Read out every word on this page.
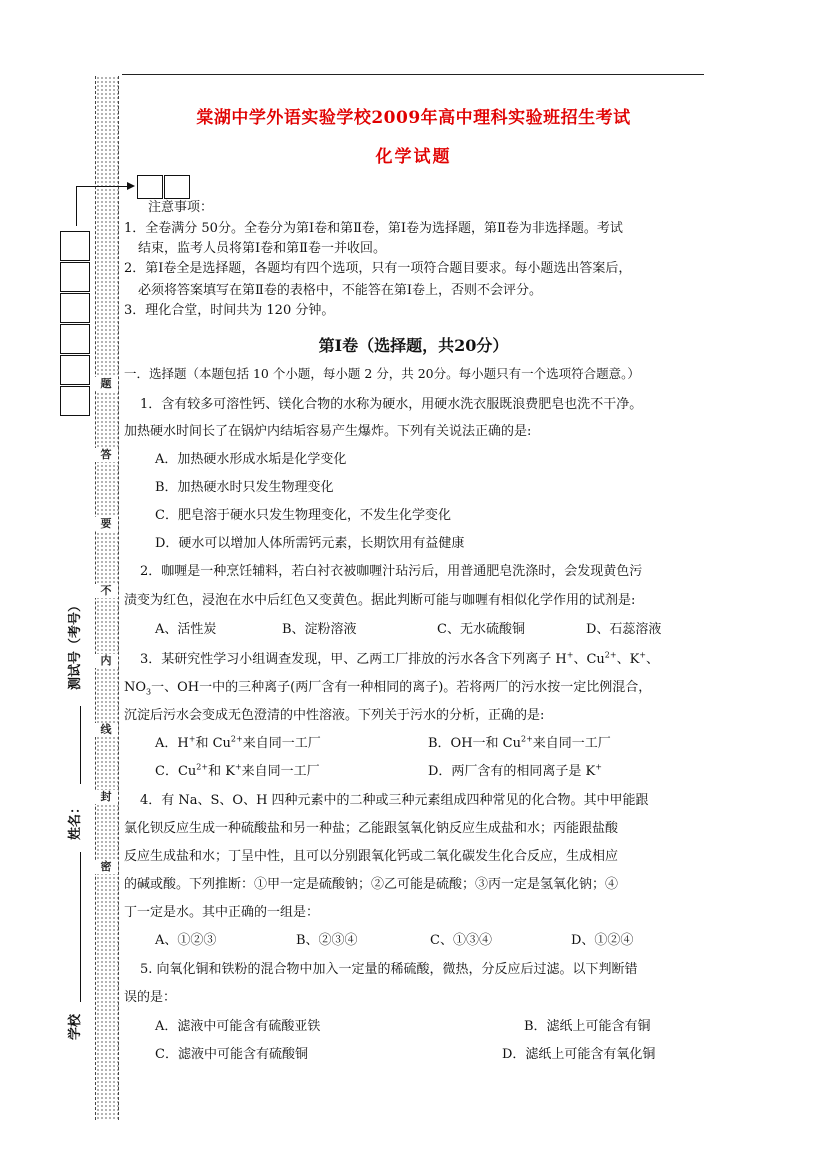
题
答
要
不
内
线
封
密
测试号（考号）
姓名：
学校
棠湖中学外语实验学校2009年高中理科实验班招生考试
化学试题
注意事项：
1．全卷满分 50分。全卷分为第Ⅰ卷和第Ⅱ卷，第Ⅰ卷为选择题，第Ⅱ卷为非选择题。考试
结束，监考人员将第Ⅰ卷和第Ⅱ卷一并收回。
2．第Ⅰ卷全是选择题，各题均有四个选项，只有一项符合题目要求。每小题选出答案后，
必须将答案填写在第Ⅱ卷的表格中，不能答在第Ⅰ卷上，否则不会评分。
3．理化合堂，时间共为 120 分钟。
第Ⅰ卷（选择题，共20分）
一．选择题（本题包括 10 个小题，每小题 2 分，共 20分。每小题只有一个选项符合题意。）
1．含有较多可溶性钙、镁化合物的水称为硬水，用硬水洗衣服既浪费肥皂也洗不干净。
加热硬水时间长了在锅炉内结垢容易产生爆炸。下列有关说法正确的是:
A．加热硬水形成水垢是化学变化
B．加热硬水时只发生物理变化
C．肥皂溶于硬水只发生物理变化，不发生化学变化
D．硬水可以增加人体所需钙元素，长期饮用有益健康
2．咖喱是一种烹饪辅料，若白衬衣被咖喱汁玷污后，用普通肥皂洗涤时，会发现黄色污
渍变为红色，浸泡在水中后红色又变黄色。据此判断可能与咖喱有相似化学作用的试剂是:
A、活性炭	B、淀粉溶液	C、无水硫酸铜	D、石蕊溶液
3．某研究性学习小组调查发现，甲、乙两工厂排放的污水各含下列离子 H+、$Cu^{2+}$、K+、
$NO_3$一、OH一中的三种离子(两厂含有一种相同的离子)。若将两厂的污水按一定比例混合，
沉淀后污水会变成无色澄清的中性溶液。下列关于污水的分析，正确的是:
A．H+和 $Cu^{2+}$来自同一工厂	B．OH一和 $Cu^{2+}$来自同一工厂
C．$Cu^{2+}$和 K+来自同一工厂	D．两厂含有的相同离子是 K+
4．有 Na、S、O、H 四种元素中的二种或三种元素组成四种常见的化合物。其中甲能跟
氯化钡反应生成一种硫酸盐和另一种盐；乙能跟氢氧化钠反应生成盐和水；丙能跟盐酸
反应生成盐和水；丁呈中性，且可以分别跟氧化钙或二氧化碳发生化合反应，生成相应
的碱或酸。下列推断：①甲一定是硫酸钠；②乙可能是硫酸；③丙一定是氢氧化钠；④
丁一定是水。其中正确的一组是：
A、①②③	B、②③④	C、①③④	D、①②④
5. 向氧化铜和铁粉的混合物中加入一定量的稀硫酸，微热，分反应后过滤。以下判断错
误的是：
A．滤液中可能含有硫酸亚铁	B．滤纸上可能含有铜
C．滤液中可能含有硫酸铜	D．滤纸上可能含有氧化铜
